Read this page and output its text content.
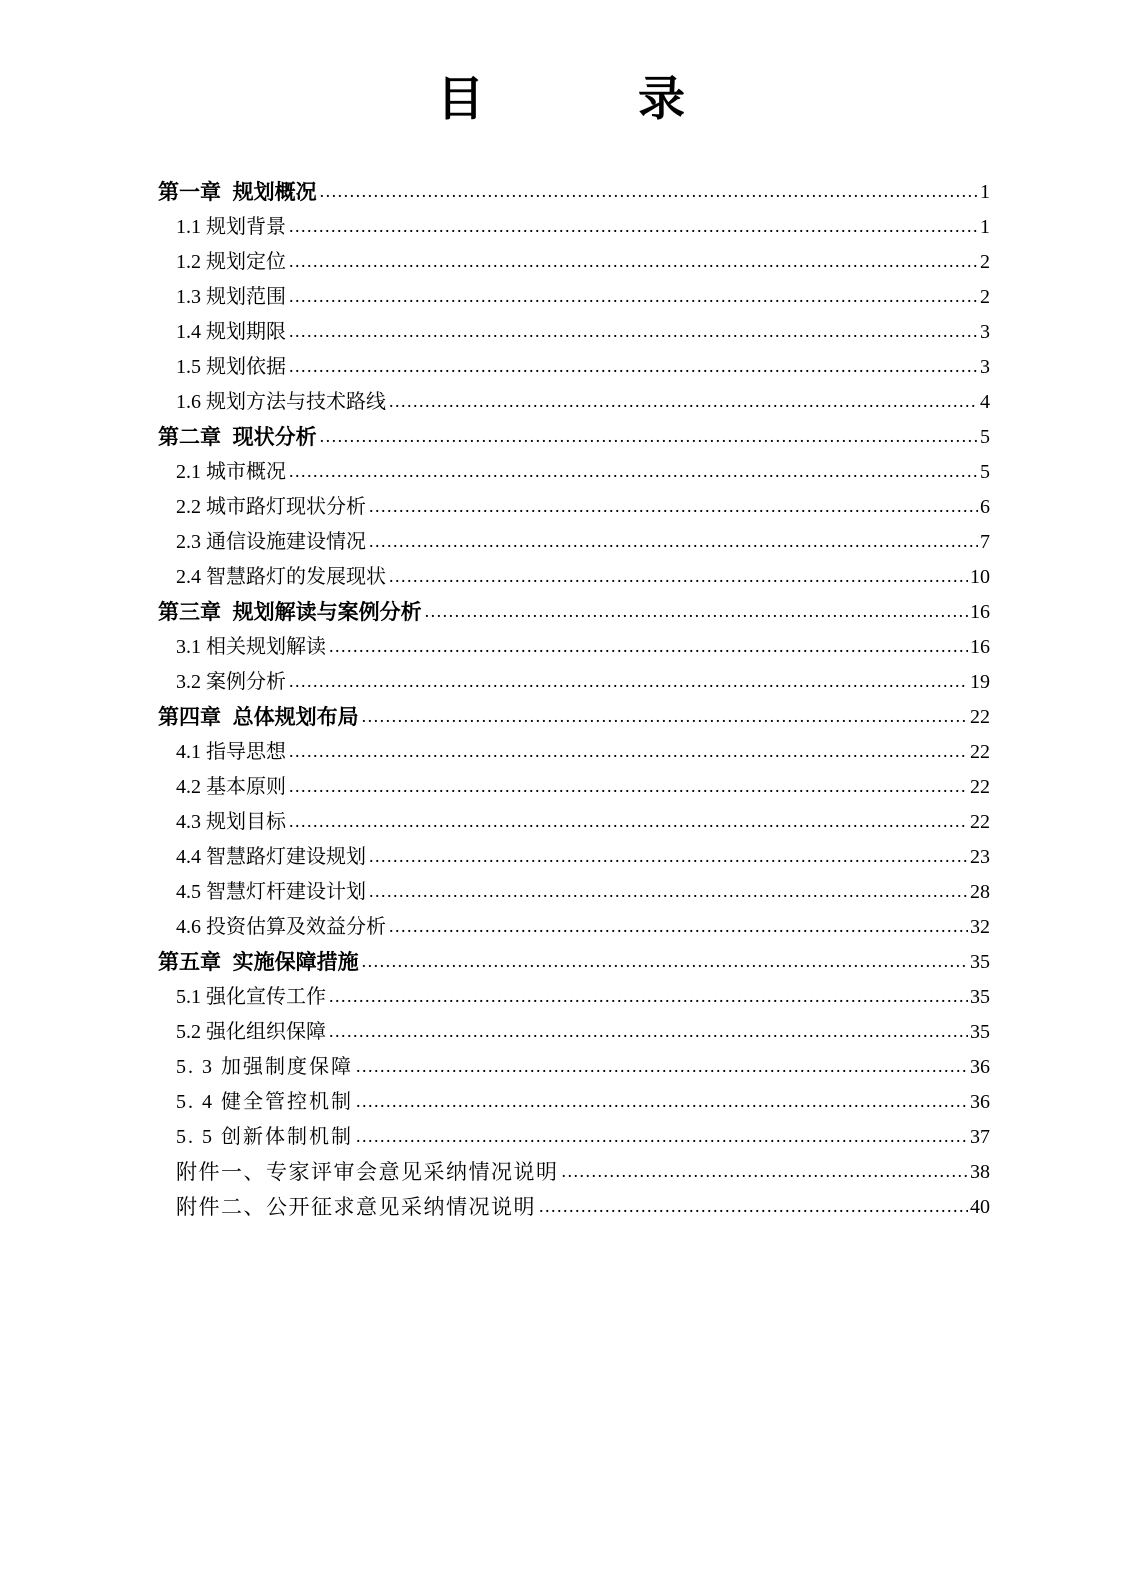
目            录
第一章  规划概况 .....	1
1.1 规划背景 .....	1
1.2 规划定位 .....	2
1.3 规划范围 .....	2
1.4 规划期限 .....	3
1.5 规划依据 .....	3
1.6 规划方法与技术路线 .....	4
第二章  现状分析 .....	5
2.1 城市概况 .....	5
2.2 城市路灯现状分析 .....	6
2.3 通信设施建设情况 .....	7
2.4 智慧路灯的发展现状 .....	10
第三章  规划解读与案例分析 .....	16
3.1 相关规划解读 .....	16
3.2 案例分析 .....	19
第四章  总体规划布局 .....	22
4.1 指导思想 .....	22
4.2 基本原则 .....	22
4.3 规划目标 .....	22
4.4 智慧路灯建设规划 .....	23
4.5 智慧灯杆建设计划 .....	28
4.6 投资估算及效益分析 .....	32
第五章  实施保障措施 .....	35
5.1 强化宣传工作 .....	35
5.2 强化组织保障 .....	35
5. 3 加强制度保障 .....	36
5. 4 健全管控机制 .....	36
5. 5 创新体制机制 .....	37
附件一、专家评审会意见采纳情况说明 .....	38
附件二、公开征求意见采纳情况说明 .....	40
